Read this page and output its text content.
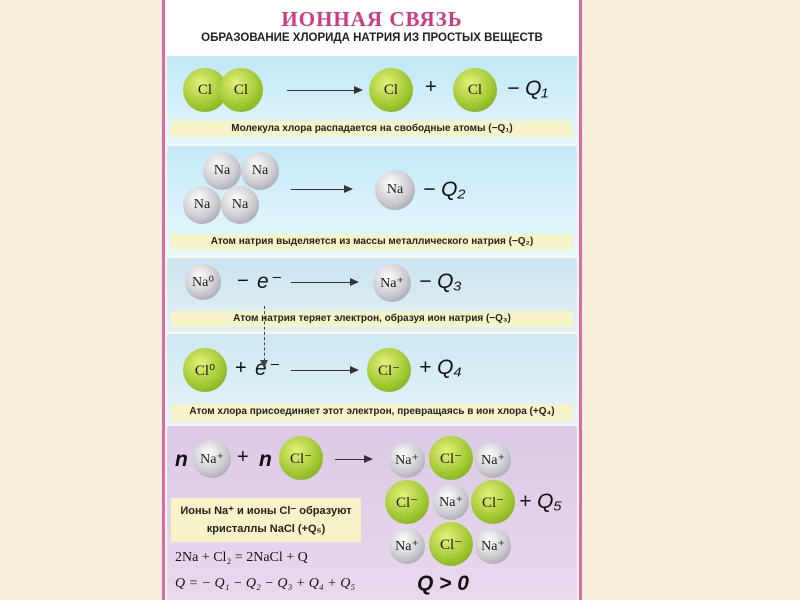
ИОННАЯ СВЯЗЬ
ОБРАЗОВАНИЕ ХЛОРИДА НАТРИЯ ИЗ ПРОСТЫХ ВЕЩЕСТВ
Cl	Cl	Cl	+	Cl	− Q₁
Молекула хлора распадается на свободные атомы (−Q₁)
Na	Na
Na	Na
Na − Q₂
Атом натрия выделяется из массы металлического натрия (−Q₂)
Na⁰	− e⁻	Na⁺ − Q₃
Атом натрия теряет электрон, образуя ион натрия (−Q₃)
Cl⁰ + e⁻	Cl⁻ + Q₄
Атом хлора присоединяет этот электрон, превращаясь в ион хлора (+Q₄)
n Na⁺ + n	Cl⁻	→	Na⁺	Cl⁻	Na⁺
Cl⁻	Na⁺	Cl⁻
Na⁺	Cl⁻	Na⁺
+ Q₅
Ионы Na⁺ и ионы Cl⁻ образуют
кристаллы NaCl (+Q₅)
2Na + Cl₂ = 2NaCl + Q
Q = − Q₁ − Q₂ − Q₃ + Q₄ + Q₅	Q > 0
